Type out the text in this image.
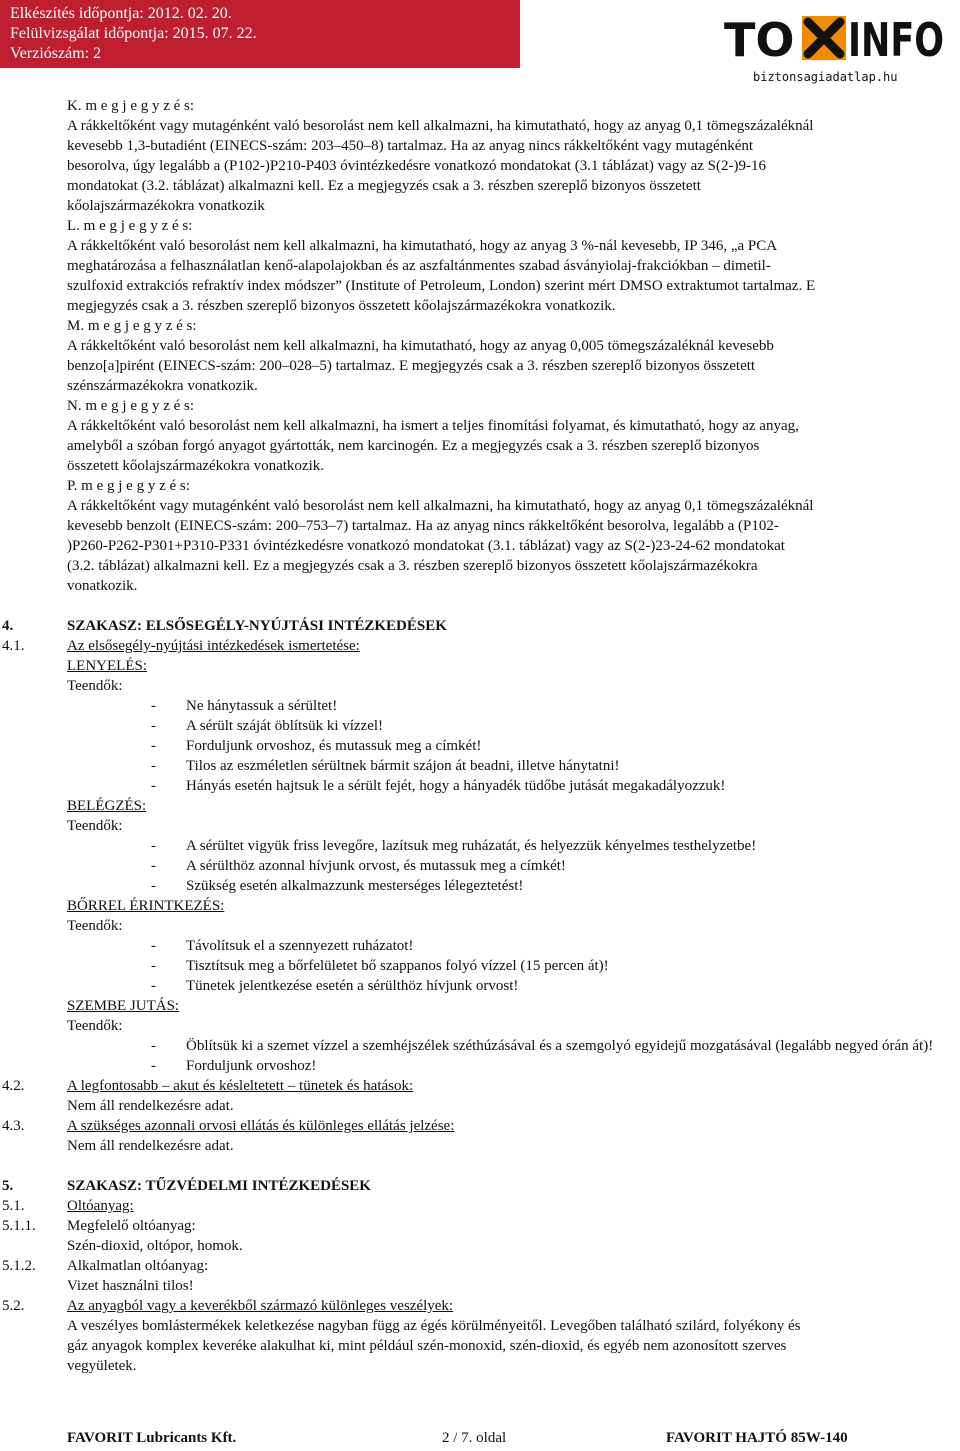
Elkészítés időpontja: 2012. 02. 20.
Felülvizsgálat időpontja: 2015. 07. 22.
Verziószám: 2	TO INFO
biztonsagiadatlap.hu
K. m e g j e g y z é s:
A rákkeltőként vagy mutagénként való besorolást nem kell alkalmazni, ha kimutatható, hogy az anyag 0,1 tömegszázaléknál
kevesebb 1,3-butadiént (EINECS-szám: 203–450–8) tartalmaz. Ha az anyag nincs rákkeltőként vagy mutagénként
besorolva, úgy legalább a (P102-)P210-P403 óvintézkedésre vonatkozó mondatokat (3.1 táblázat) vagy az S(2-)9-16
mondatokat (3.2. táblázat) alkalmazni kell. Ez a megjegyzés csak a 3. részben szereplő bizonyos összetett
kőolajszármazékokra vonatkozik
L. m e g j e g y z é s:
A rákkeltőként való besorolást nem kell alkalmazni, ha kimutatható, hogy az anyag 3 %-nál kevesebb, IP 346, „a PCA
meghatározása a felhasználatlan kenő-alapolajokban és az aszfaltánmentes szabad ásványiolaj-frakciókban – dimetil-
szulfoxid extrakciós refraktív index módszer” (Institute of Petroleum, London) szerint mért DMSO extraktumot tartalmaz. E
megjegyzés csak a 3. részben szereplő bizonyos összetett kőolajszármazékokra vonatkozik.
M. m e g j e g y z é s:
A rákkeltőként való besorolást nem kell alkalmazni, ha kimutatható, hogy az anyag 0,005 tömegszázaléknál kevesebb
benzo[a]pirént (EINECS-szám: 200–028–5) tartalmaz. E megjegyzés csak a 3. részben szereplő bizonyos összetett
szénszármazékokra vonatkozik.
N. m e g j e g y z é s:
A rákkeltőként való besorolást nem kell alkalmazni, ha ismert a teljes finomítási folyamat, és kimutatható, hogy az anyag,
amelyből a szóban forgó anyagot gyártották, nem karcinogén. Ez a megjegyzés csak a 3. részben szereplő bizonyos
összetett kőolajszármazékokra vonatkozik.
P. m e g j e g y z é s:
A rákkeltőként vagy mutagénként való besorolást nem kell alkalmazni, ha kimutatható, hogy az anyag 0,1 tömegszázaléknál
kevesebb benzolt (EINECS-szám: 200–753–7) tartalmaz. Ha az anyag nincs rákkeltőként besorolva, legalább a (P102-
)P260-P262-P301+P310-P331 óvintézkedésre vonatkozó mondatokat (3.1. táblázat) vagy az S(2-)23-24-62 mondatokat
(3.2. táblázat) alkalmazni kell. Ez a megjegyzés csak a 3. részben szereplő bizonyos összetett kőolajszármazékokra
vonatkozik.
4.	SZAKASZ: ELSŐSEGÉLY-NYÚJTÁSI INTÉZKEDÉSEK
4.1.	Az elsősegély-nyújtási intézkedések ismertetése:
LENYELÉS:
Teendők:
- Ne hánytassuk a sérültet!
- A sérült száját öblítsük ki vízzel!
- Forduljunk orvoshoz, és mutassuk meg a címkét!
- Tilos az eszméletlen sérültnek bármit szájon át beadni, illetve hánytatni!
- Hányás esetén hajtsuk le a sérült fejét, hogy a hányadék tüdőbe jutását megakadályozzuk!
BELÉGZÉS:
Teendők:
- A sérültet vigyük friss levegőre, lazítsuk meg ruházatát, és helyezzük kényelmes testhelyzetbe!
- A sérülthöz azonnal hívjunk orvost, és mutassuk meg a címkét!
- Szükség esetén alkalmazzunk mesterséges lélegeztetést!
BŐRREL ÉRINTKEZÉS:
Teendők:
- Távolítsuk el a szennyezett ruházatot!
- Tisztítsuk meg a bőrfelületet bő szappanos folyó vízzel (15 percen át)!
- Tünetek jelentkezése esetén a sérülthöz hívjunk orvost!
SZEMBE JUTÁS:
Teendők:
- Öblítsük ki a szemet vízzel a szemhéjszélek széthúzásával és a szemgolyó egyidejű mozgatásával (legalább negyed órán át)!
- Forduljunk orvoshoz!
4.2.	A legfontosabb – akut és késleltetett – tünetek és hatások:
Nem áll rendelkezésre adat.
4.3.	A szükséges azonnali orvosi ellátás és különleges ellátás jelzése:
Nem áll rendelkezésre adat.
5.	SZAKASZ: TŰZVÉDELMI INTÉZKEDÉSEK
5.1.	Oltóanyag:
5.1.1.	Megfelelő oltóanyag:
Szén-dioxid, oltópor, homok.
5.1.2.	Alkalmatlan oltóanyag:
Vizet használni tilos!
5.2.	Az anyagból vagy a keverékből származó különleges veszélyek:
A veszélyes bomlástermékek keletkezése nagyban függ az égés körülményeitől. Levegőben található szilárd, folyékony és
gáz anyagok komplex keveréke alakulhat ki, mint például szén-monoxid, szén-dioxid, és egyéb nem azonosított szerves
vegyületek.
FAVORIT Lubricants Kft.	2 / 7. oldal	FAVORIT HAJTÓ 85W-140
